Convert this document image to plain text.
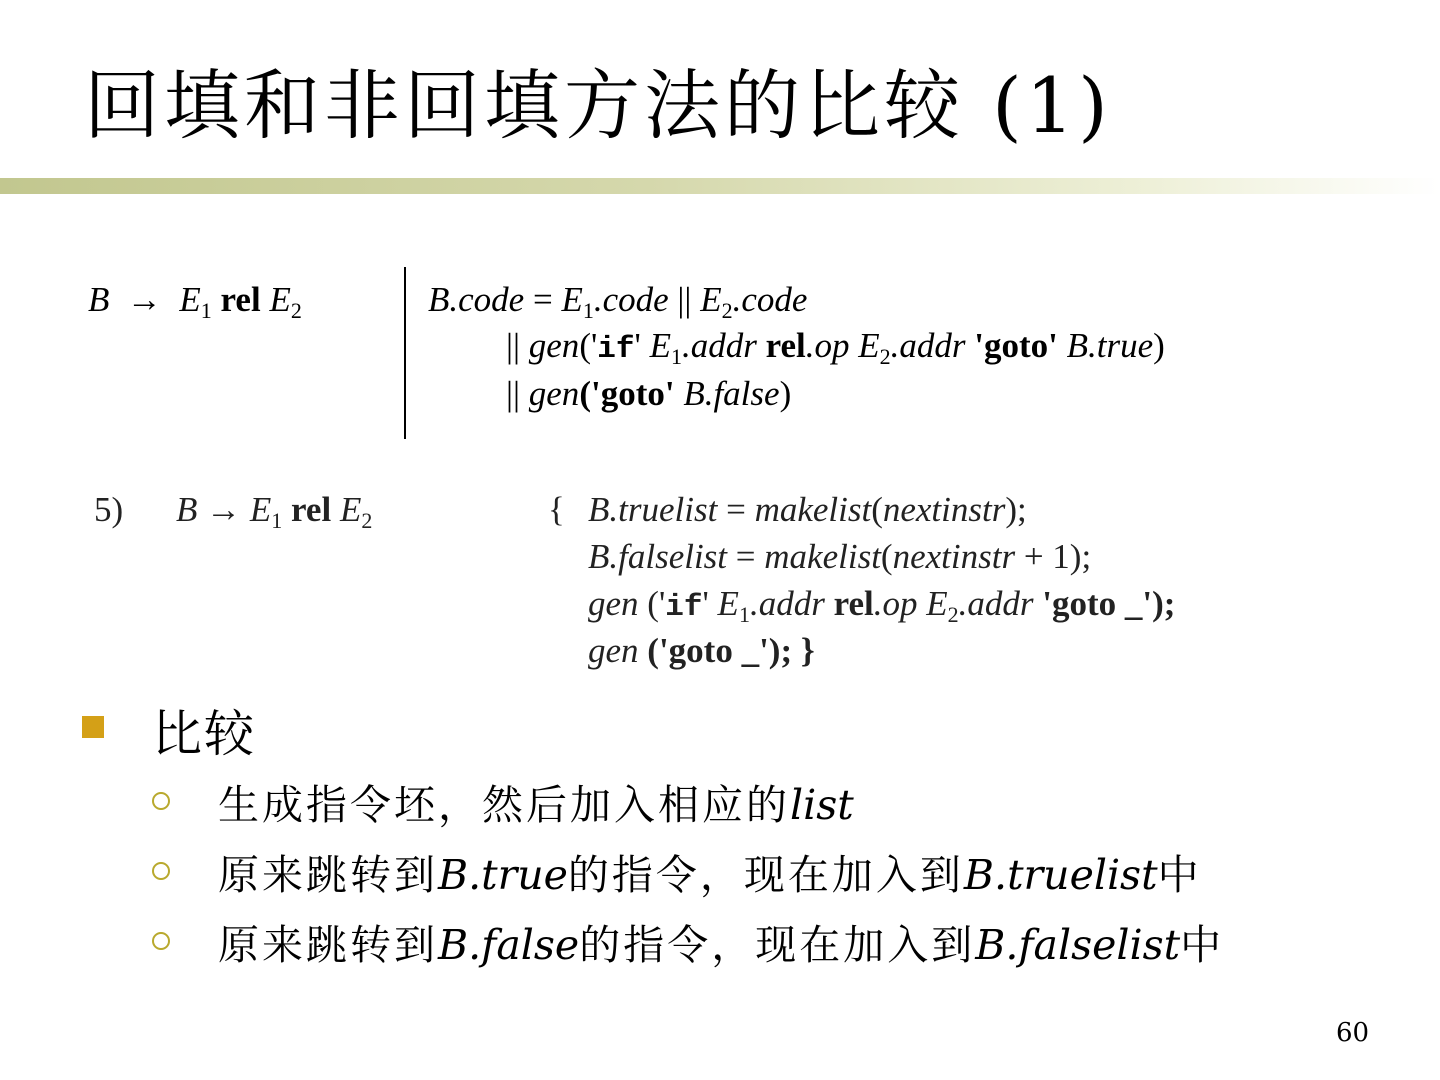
回填和非回填方法的比较 (1)
$B \to E_1$ rel $E_2$	B.code = $E_1.code$ || $E_2.code$
|| gen('if' $E_1.addr$ rel.op $E_2.addr$ 'goto' B.true)
|| gen('goto' B.false)
5) $B \to E_1$ rel $E_2$	{ B.truelist = makelist(nextinstr);
B.falselist = makelist(nextinstr + 1);
gen ('if' $E_1.addr$ rel.op $E_2.addr$ 'goto _');
gen ('goto _'); }
比较
生成指令坯，然后加入相应的list
原来跳转到B.true的指令，现在加入到B.truelist中
原来跳转到B.false的指令，现在加入到B.falselist中
60
